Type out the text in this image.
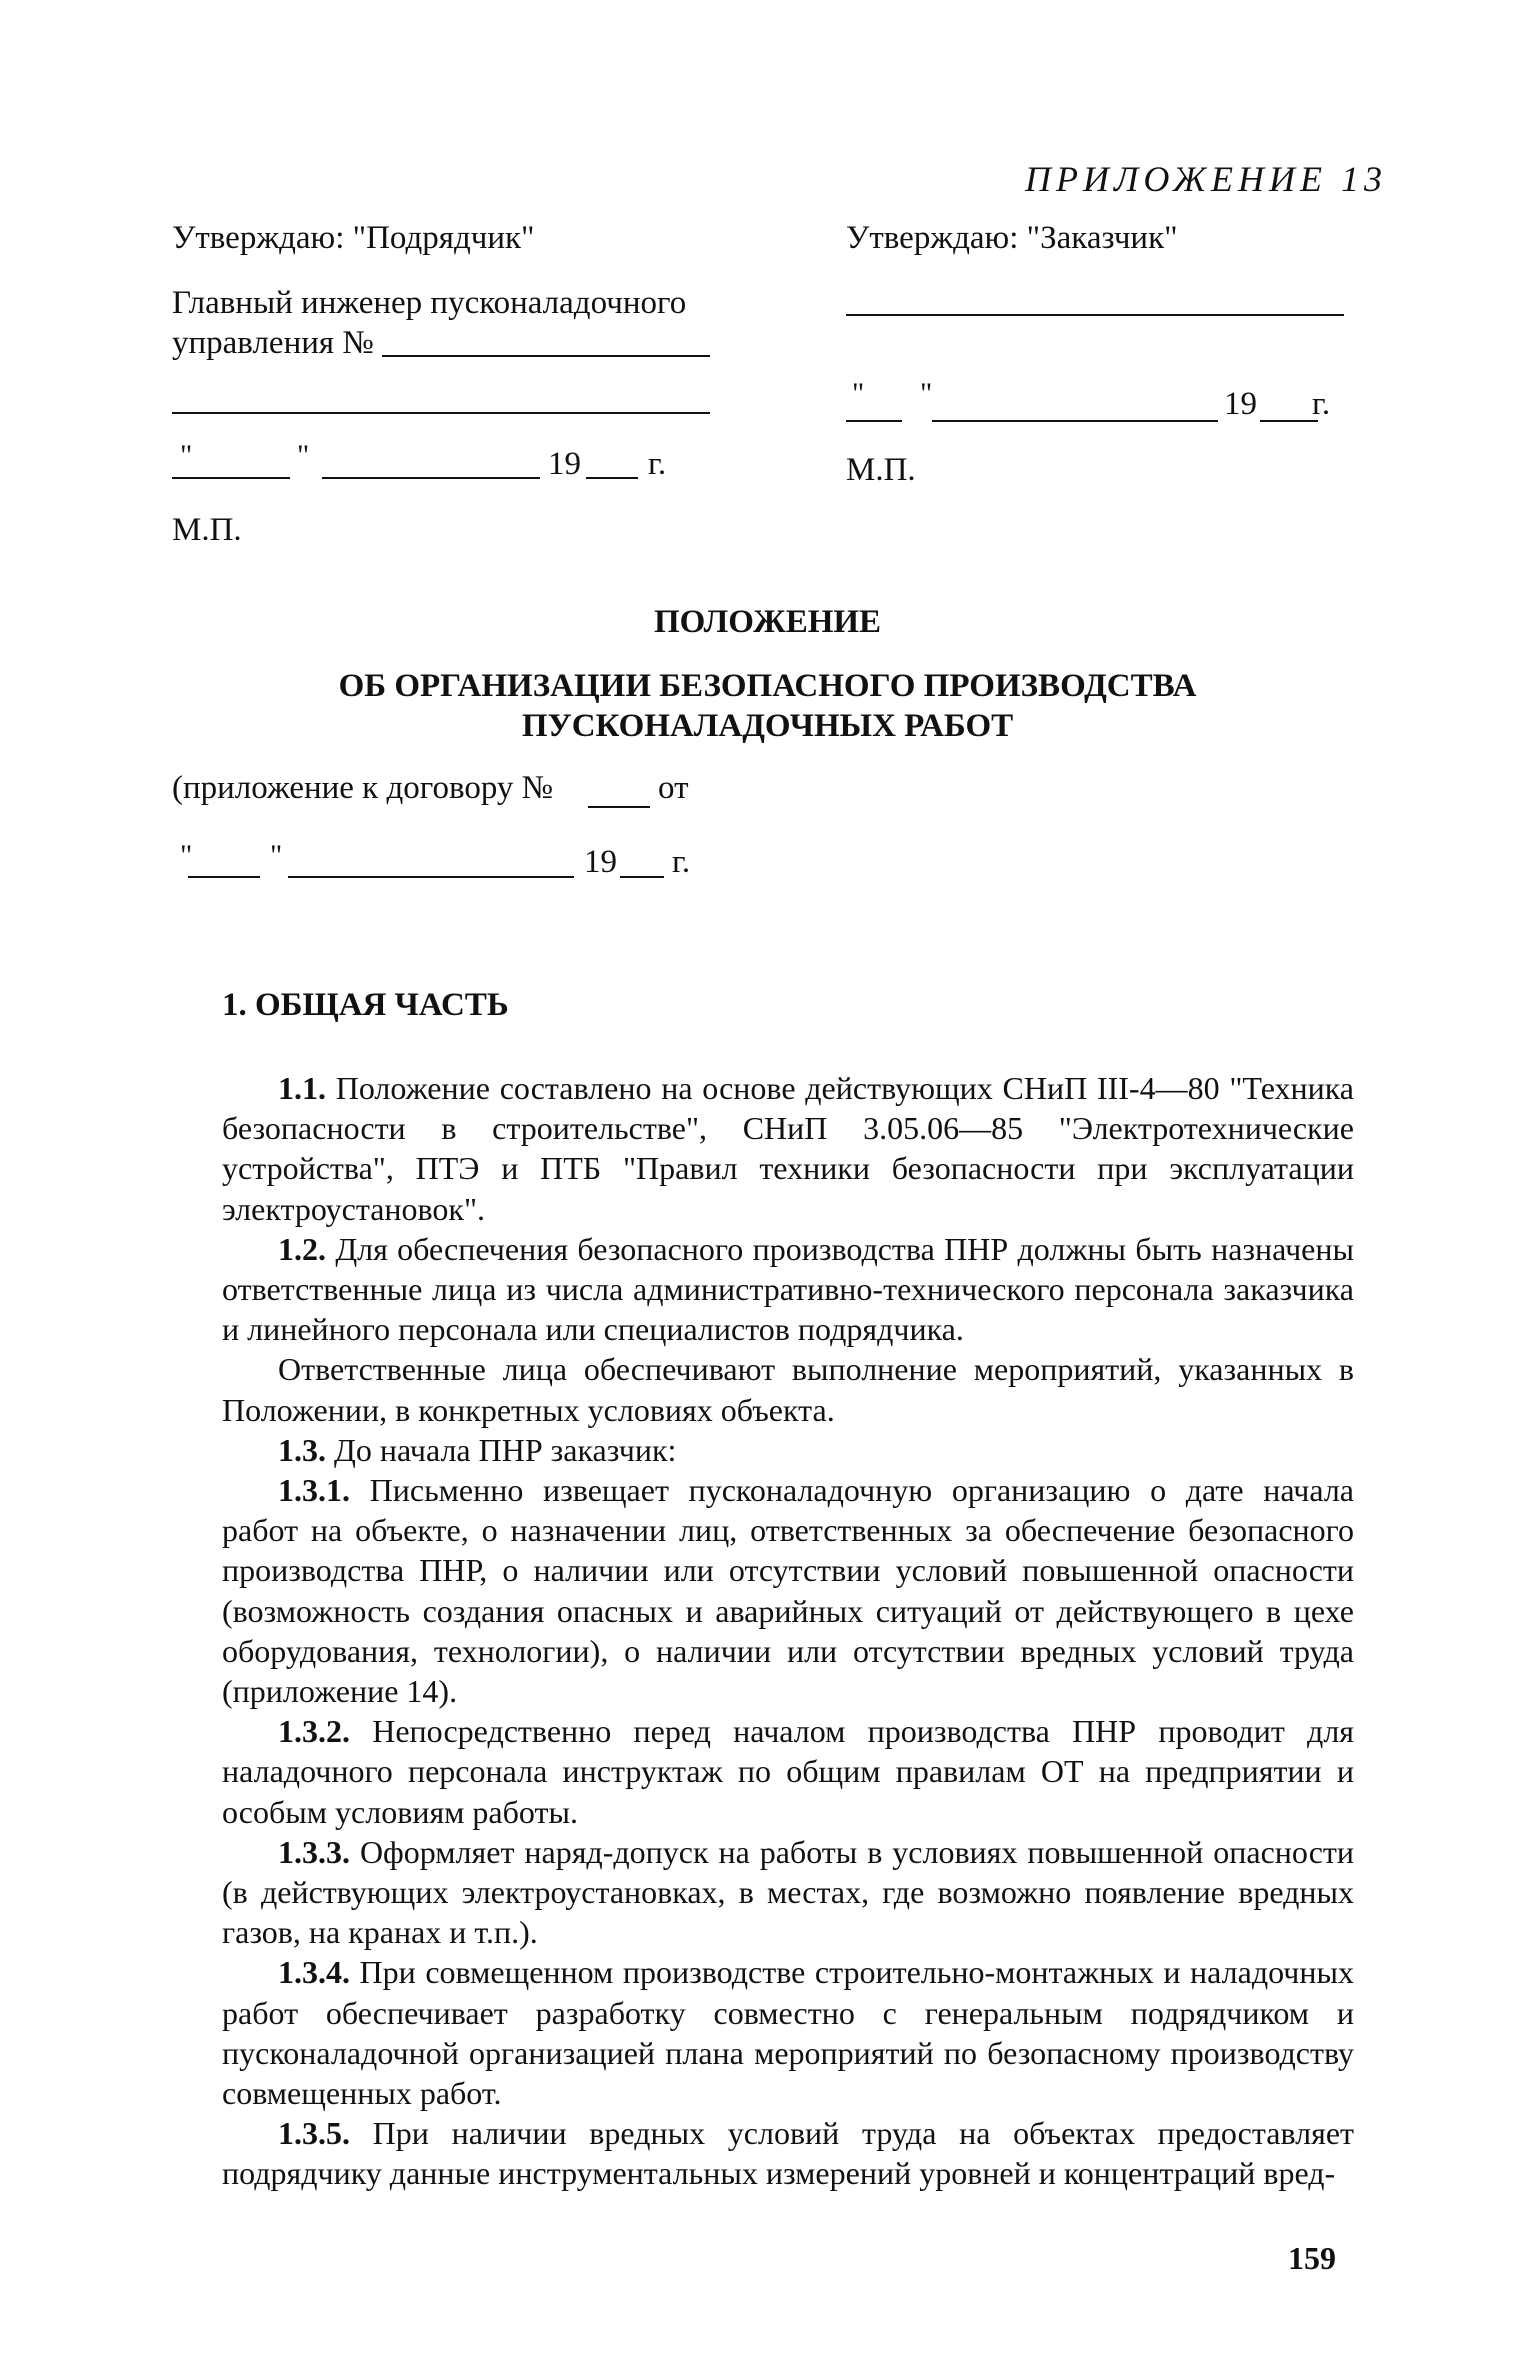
ПРИЛОЖЕНИЕ 13
Утверждаю: "Подрядчик"
Главный инженер пусконаладочного
управления №
"	"	19 г.
М.П.
Утверждаю: "Заказчик"
" "	19 г.
М.П.
ПОЛОЖЕНИЕ
ОБ ОРГАНИЗАЦИИ БЕЗОПАСНОГО ПРОИЗВОДСТВА
ПУСКОНАЛАДОЧНЫХ РАБОТ
(приложение к договору №	от
"	"	19 г.
1. ОБЩАЯ ЧАСТЬ

1.1. Положение составлено на основе действующих СНиП III-4—80 "Техника безопасности в строительстве", СНиП 3.05.06—85 "Электротехнические устройства", ПТЭ и ПТБ "Правил техники безопасности при эксплуатации электроустановок".

1.2. Для обеспечения безопасного производства ПНР должны быть назначены ответственные лица из числа административно-технического персонала заказчика и линейного персонала или специалистов подрядчика.

Ответственные лица обеспечивают выполнение мероприятий, указанных в Положении, в конкретных условиях объекта.

1.3. До начала ПНР заказчик:

1.3.1. Письменно извещает пусконаладочную организацию о дате начала работ на объекте, о назначении лиц, ответственных за обеспечение безопасного производства ПНР, о наличии или отсутствии условий повышенной опасности (возможность создания опасных и аварийных ситуаций от действующего в цехе оборудования, технологии), о наличии или отсутствии вредных условий труда (приложение 14).

1.3.2. Непосредственно перед началом производства ПНР проводит для наладочного персонала инструктаж по общим правилам ОТ на предприятии и особым условиям работы.

1.3.3. Оформляет наряд-допуск на работы в условиях повышенной опасности (в действующих электроустановках, в местах, где возможно появление вредных газов, на кранах и т.п.).

1.3.4. При совмещенном производстве строительно-монтажных и наладочных работ обеспечивает разработку совместно с генеральным подрядчиком и пусконаладочной организацией плана мероприятий по безопасному производству совмещенных работ.

1.3.5. При наличии вредных условий труда на объектах предоставляет подрядчику данные инструментальных измерений уровней и концентраций вред-

159
